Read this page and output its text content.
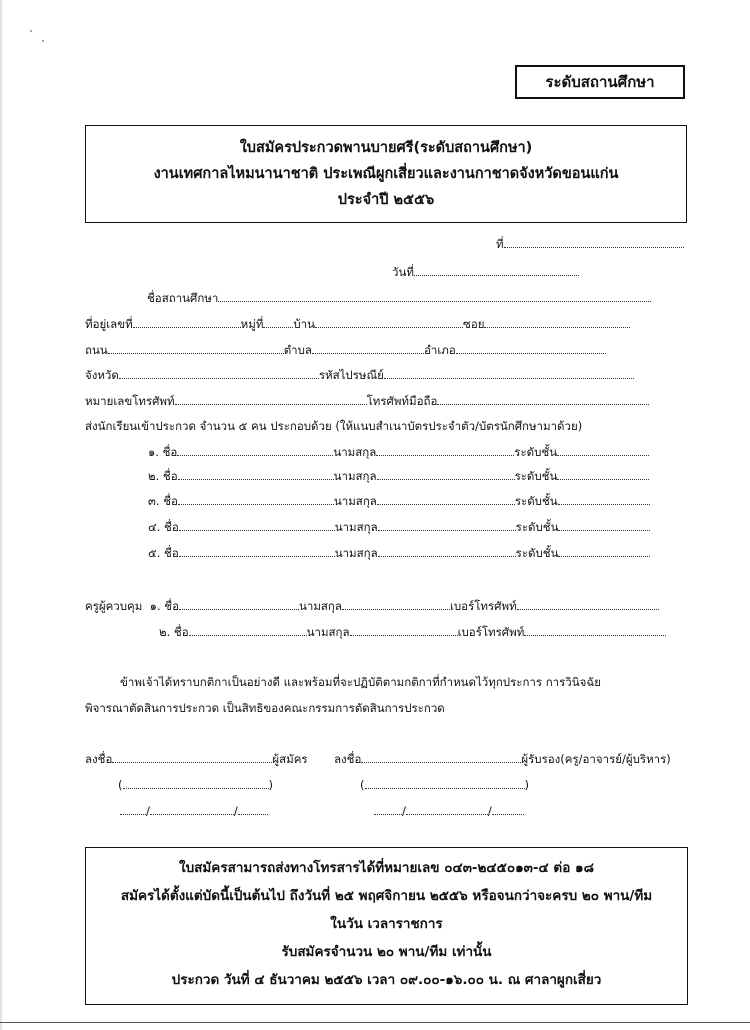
ระดับสถานศึกษา
ใบสมัครประกวดพานบายศรี(ระดับสถานศึกษา)
งานเทศกาลไหมนานาชาติ ประเพณีผูกเสี่ยวและงานกาชาดจังหวัดขอนแก่น
ประจำปี ๒๕๕๖
ที่
วันที่
ชื่อสถานศึกษา
ที่อยู่เลขที่	หมู่ที่	บ้าน	ซอย
ถนน	ตำบล	อำเภอ
จังหวัด	รหัสไปรษณีย์
หมายเลขโทรศัพท์	โทรศัพท์มือถือ
ส่งนักเรียนเข้าประกวด จำนวน ๕ คน ประกอบด้วย (ให้แนบสำเนาบัตรประจำตัว/บัตรนักศึกษามาด้วย)
๑. ชื่อ	นามสกุล	ระดับชั้น
๒. ชื่อ	นามสกุล	ระดับชั้น
๓. ชื่อ	นามสกุล	ระดับชั้น
๔. ชื่อ	นามสกุล	ระดับชั้น
๕. ชื่อ	นามสกุล	ระดับชั้น
ครูผู้ควบคุม ๑. ชื่อ	นามสกุล	เบอร์โทรศัพท์
๒. ชื่อ	นามสกุล	เบอร์โทรศัพท์
ข้าพเจ้าได้ทราบกติกาเป็นอย่างดี และพร้อมที่จะปฏิบัติตามกติกาที่กำหนดไว้ทุกประการ การวินิจฉัย
พิจารณาตัดสินการประกวด เป็นสิทธิของคณะกรรมการตัดสินการประกวด
ลงชื่อ	ผู้สมัคร ลงชื่อ	ผู้รับรอง(ครู/อาจารย์/ผู้บริหาร)
(	)	(	)
/	/	/	/
ใบสมัครสามารถส่งทางโทรสารได้ที่หมายเลข ๐๔๓-๒๔๕๐๑๓-๔ ต่อ ๑๘
สมัครได้ตั้งแต่บัดนี้เป็นต้นไป ถึงวันที่ ๒๕ พฤศจิกายน ๒๕๕๖ หรือจนกว่าจะครบ ๒๐ พาน/ทีม
ในวัน เวลาราชการ
รับสมัครจำนวน ๒๐ พาน/ทีม เท่านั้น
ประกวด วันที่ ๔ ธันวาคม ๒๕๕๖ เวลา ๐๙.๐๐-๑๖.๐๐ น. ณ ศาลาผูกเสี่ยว
